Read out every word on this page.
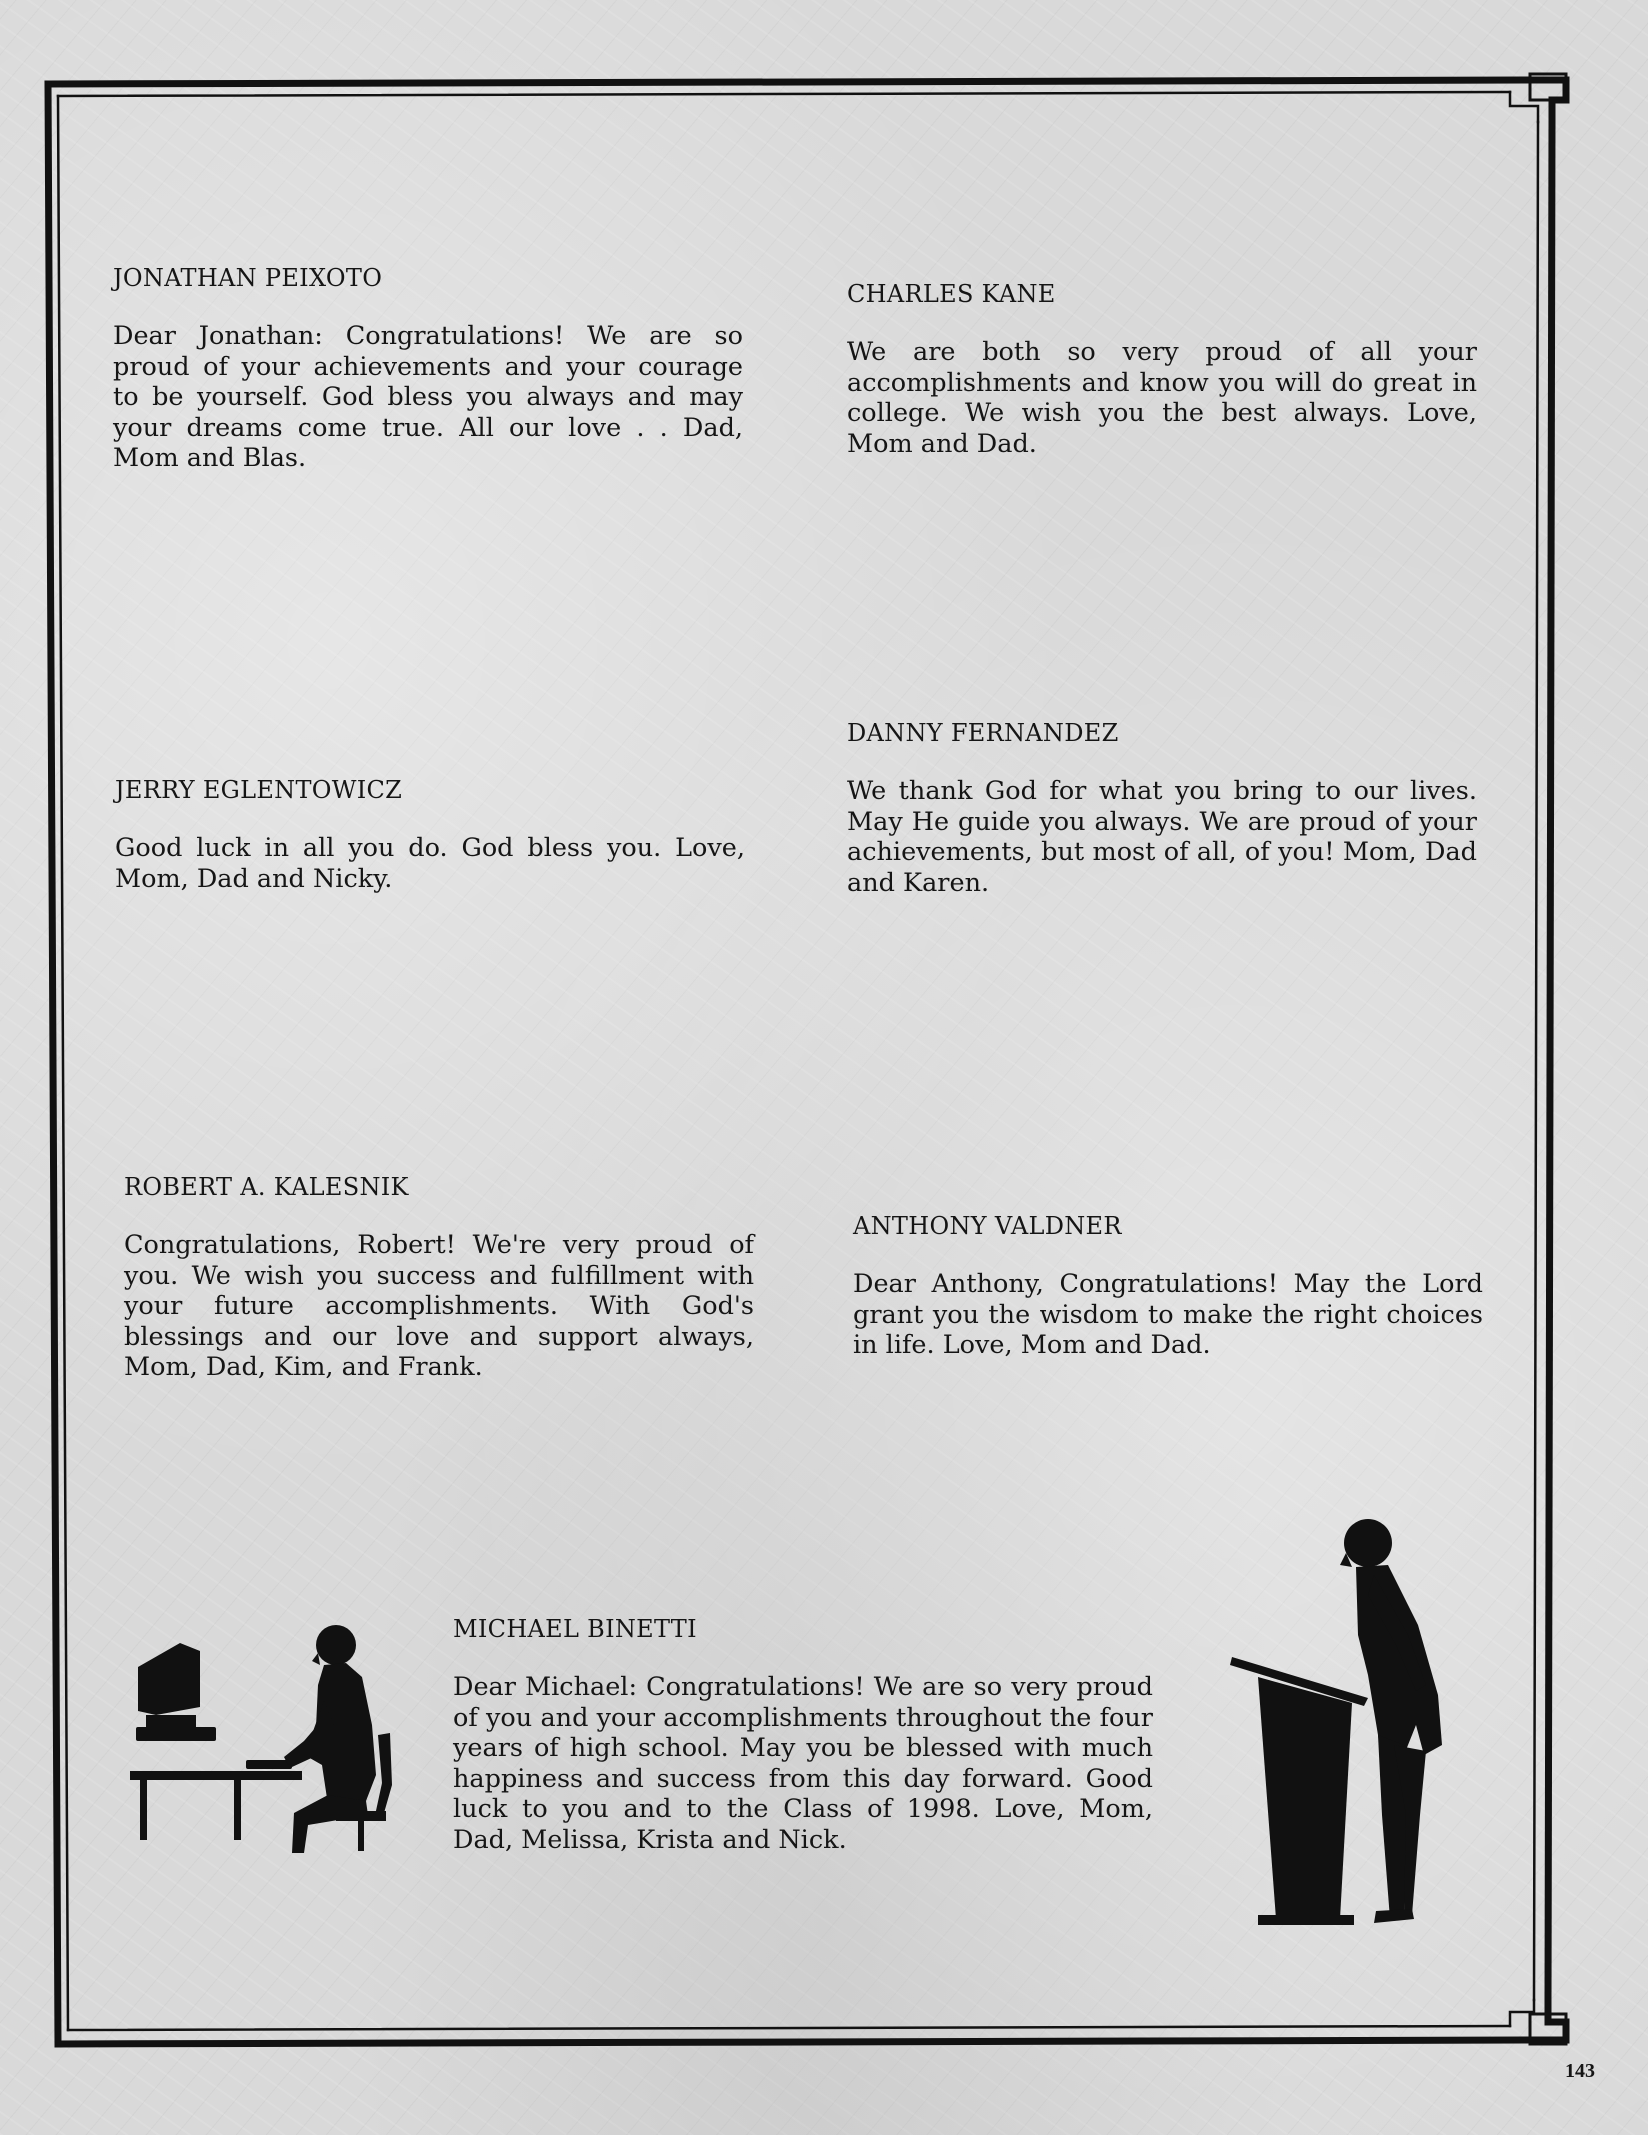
JONATHAN PEIXOTO

Dear Jonathan: Congratulations! We are so proud of your achievements and your courage to be yourself. God bless you always and may your dreams come true. All our love . . Dad, Mom and Blas.

CHARLES KANE

We are both so very proud of all your accomplishments and know you will do great in college. We wish you the best always. Love, Mom and Dad.

DANNY FERNANDEZ

We thank God for what you bring to our lives. May He guide you always. We are proud of your achievements, but most of all, of you! Mom, Dad and Karen.

JERRY EGLENTOWICZ

Good luck in all you do. God bless you. Love, Mom, Dad and Nicky.

ROBERT A. KALESNIK

Congratulations, Robert! We're very proud of you. We wish you success and fulfillment with your future accomplishments. With God's blessings and our love and support always, Mom, Dad, Kim, and Frank.

ANTHONY VALDNER

Dear Anthony, Congratulations! May the Lord grant you the wisdom to make the right choices in life. Love, Mom and Dad.

MICHAEL BINETTI

Dear Michael: Congratulations! We are so very proud of you and your accomplishments throughout the four years of high school. May you be blessed with much happiness and success from this day forward. Good luck to you and to the Class of 1998. Love, Mom, Dad, Melissa, Krista and Nick.

143
